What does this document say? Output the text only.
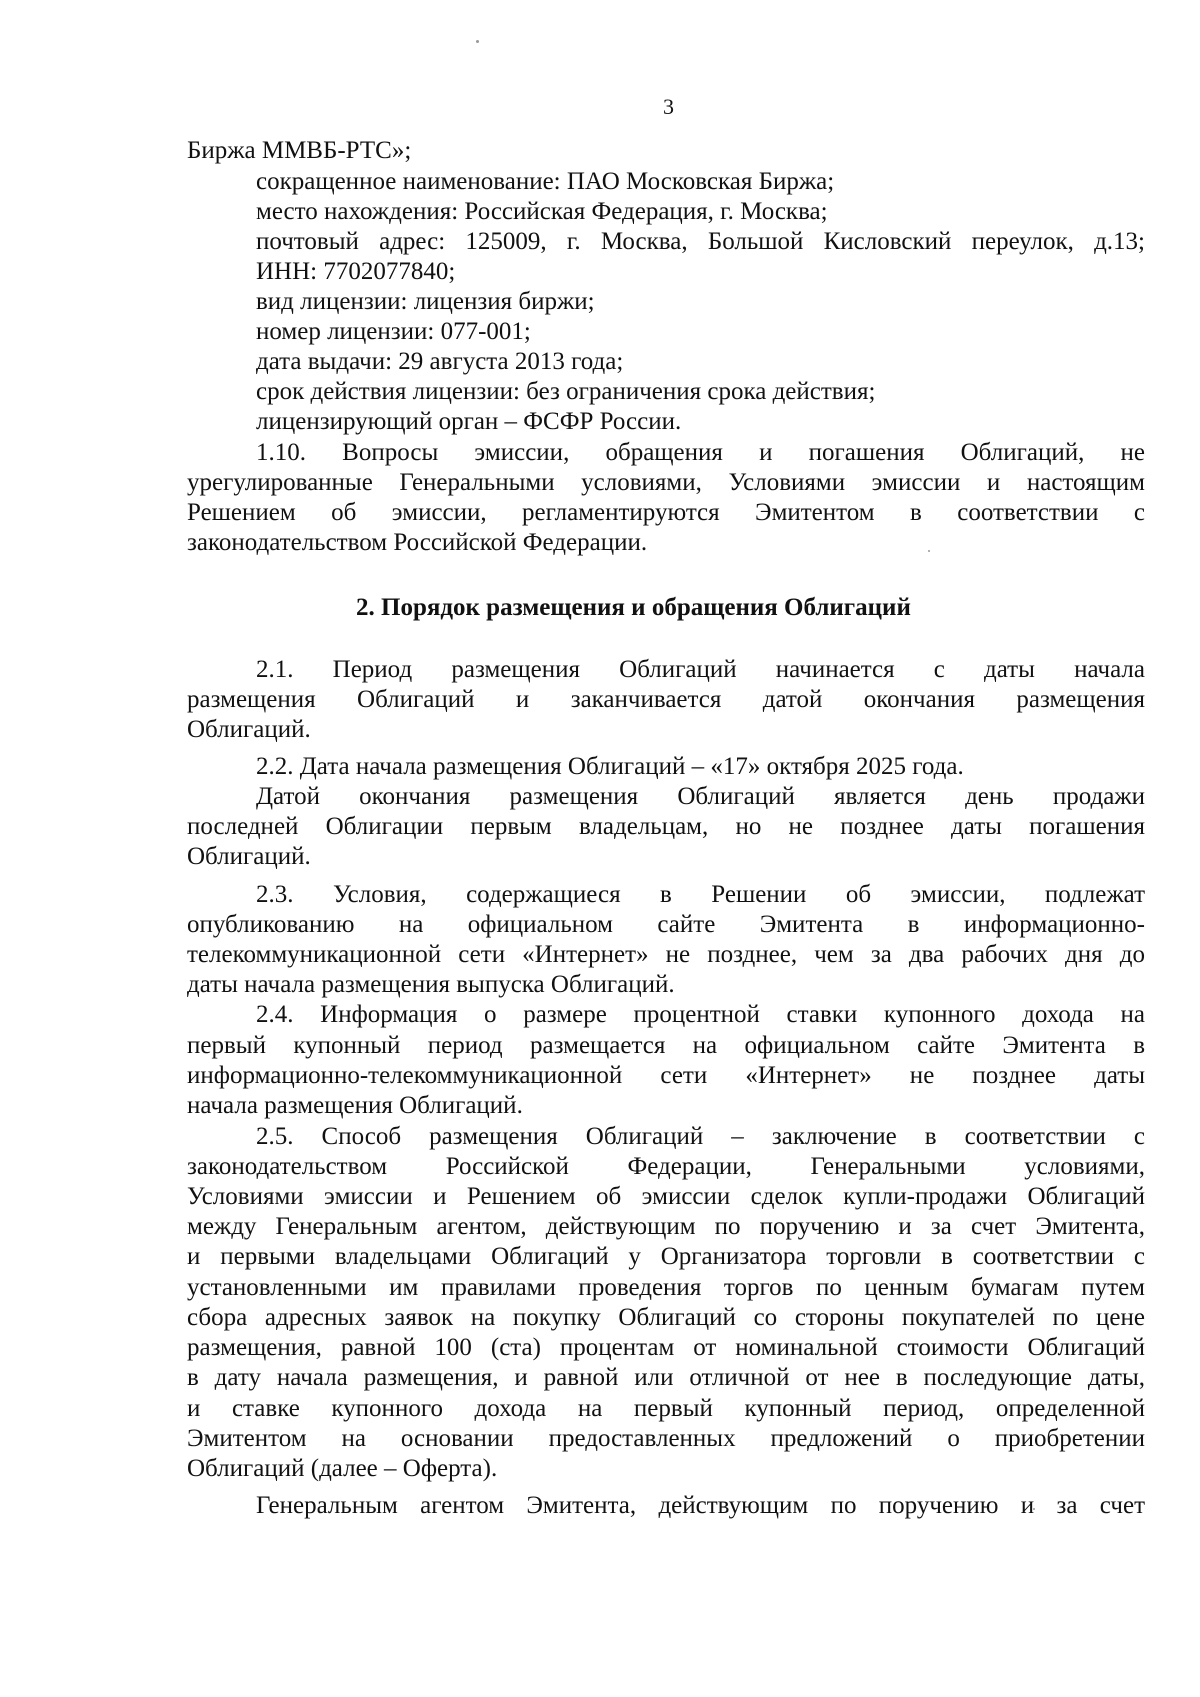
3
Биржа ММВБ-РТС»;
сокращенное наименование: ПАО Московская Биржа;
место нахождения: Российская Федерация, г. Москва;
почтовый адрес: 125009, г. Москва, Большой Кисловский переулок, д.13;
ИНН: 7702077840;
вид лицензии: лицензия биржи;
номер лицензии: 077-001;
дата выдачи: 29 августа 2013 года;
срок действия лицензии: без ограничения срока действия;
лицензирующий орган – ФСФР России.
1.10. Вопросы эмиссии, обращения и погашения Облигаций, не
урегулированные Генеральными условиями, Условиями эмиссии и настоящим
Решением об эмиссии, регламентируются Эмитентом в соответствии с
законодательством Российской Федерации.
2. Порядок размещения и обращения Облигаций
2.1. Период размещения Облигаций начинается с даты начала
размещения Облигаций и заканчивается датой окончания размещения
Облигаций.
2.2. Дата начала размещения Облигаций – «17» октября 2025 года.
Датой окончания размещения Облигаций является день продажи
последней Облигации первым владельцам, но не позднее даты погашения
Облигаций.
2.3. Условия, содержащиеся в Решении об эмиссии, подлежат
опубликованию на официальном сайте Эмитента в информационно-
телекоммуникационной сети «Интернет» не позднее, чем за два рабочих дня до
даты начала размещения выпуска Облигаций.
2.4. Информация о размере процентной ставки купонного дохода на
первый купонный период размещается на официальном сайте Эмитента в
информационно-телекоммуникационной сети «Интернет» не позднее даты
начала размещения Облигаций.
2.5. Способ размещения Облигаций – заключение в соответствии с
законодательством Российской Федерации, Генеральными условиями,
Условиями эмиссии и Решением об эмиссии сделок купли-продажи Облигаций
между Генеральным агентом, действующим по поручению и за счет Эмитента,
и первыми владельцами Облигаций у Организатора торговли в соответствии с
установленными им правилами проведения торгов по ценным бумагам путем
сбора адресных заявок на покупку Облигаций со стороны покупателей по цене
размещения, равной 100 (ста) процентам от номинальной стоимости Облигаций
в дату начала размещения, и равной или отличной от нее в последующие даты,
и ставке купонного дохода на первый купонный период, определенной
Эмитентом на основании предоставленных предложений о приобретении
Облигаций (далее – Оферта).
Генеральным агентом Эмитента, действующим по поручению и за счет
